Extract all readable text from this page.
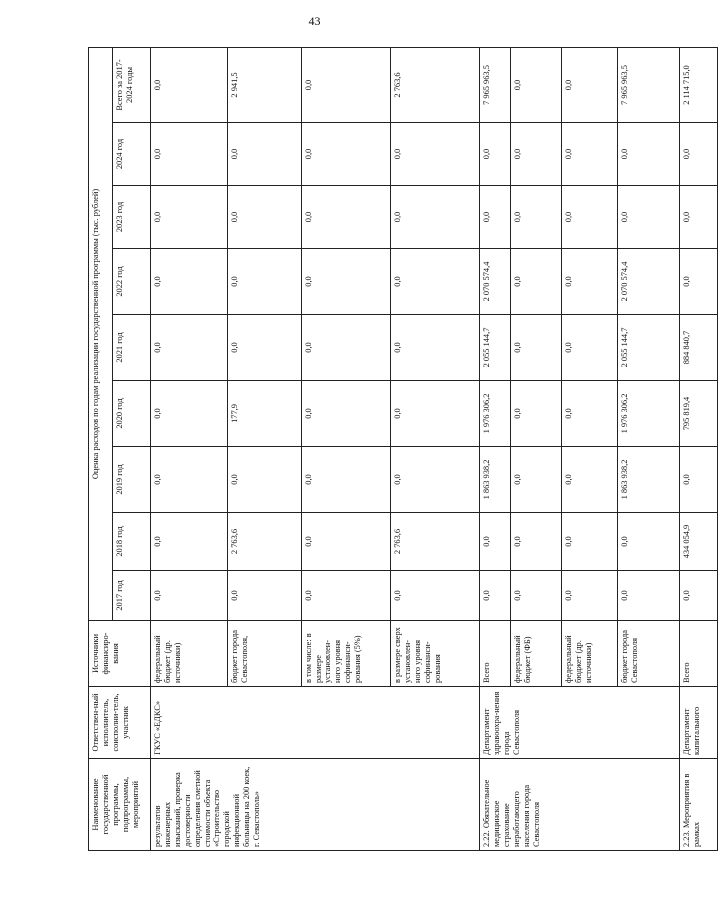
43
Наименование государственной программы, подпрограммы, мероприятий	Ответствен-ный исполнитель, соисполни-тель, участник	Источники финансиро-вания	Оценка расходов по годам реализации государственной программы (тыс. рублей)								
			2017 год	2018 год	2019 год	2020 год	2021 год	2022 год	2023 год	2024 год	Всего за 2017-2024 годы
результатов инженерных изысканий, проверка достоверности определения сметной стоимости объекта «Строительство городской инфекционной больницы на 200 коек, г. Севастополь»	ГКУС «ЕДКС»	федеральный бюджет (др. источники)	0,0	0,0	0,0	0,0	0,0	0,0	0,0	0,0	0,0
		бюджет города Севастополя,	0,0	2 763,6	0,0	177,9	0,0	0,0	0,0	0,0	2 941,5
		в том числе: в размере установлен-ного уровня софинанси-рования (5%)	0,0	0,0	0,0	0,0	0,0	0,0	0,0	0,0	0,0
		в размере сверх установлен-ного уровня софинанси-рования	0,0	2 763,6	0,0	0,0	0,0	0,0	0,0	0,0	2 763,6
2.22. Обязательное медицинское страхование неработающего населения города Севастополя	Департамент здравоохра-нения города Севастополя	Всего	0,0	0,0	1 863 938,2	1 976 306,2	2 055 144,7	2 070 574,4	0,0	0,0	7 965 963,5
		федеральный бюджет (ФБ)	0,0	0,0	0,0	0,0	0,0	0,0	0,0	0,0	0,0
		федеральный бюджет (др. источники)	0,0	0,0	0,0	0,0	0,0	0,0	0,0	0,0	0,0
		бюджет города Севастополя	0,0	0,0	1 863 938,2	1 976 306,2	2 055 144,7	2 070 574,4	0,0	0,0	7 965 963,5
2.23. Мероприятия в рамках	Департамент капитального	Всего	0,0	434 054,9	0,0	795 819,4	884 840,7	0,0	0,0	0,0	2 114 715,0
